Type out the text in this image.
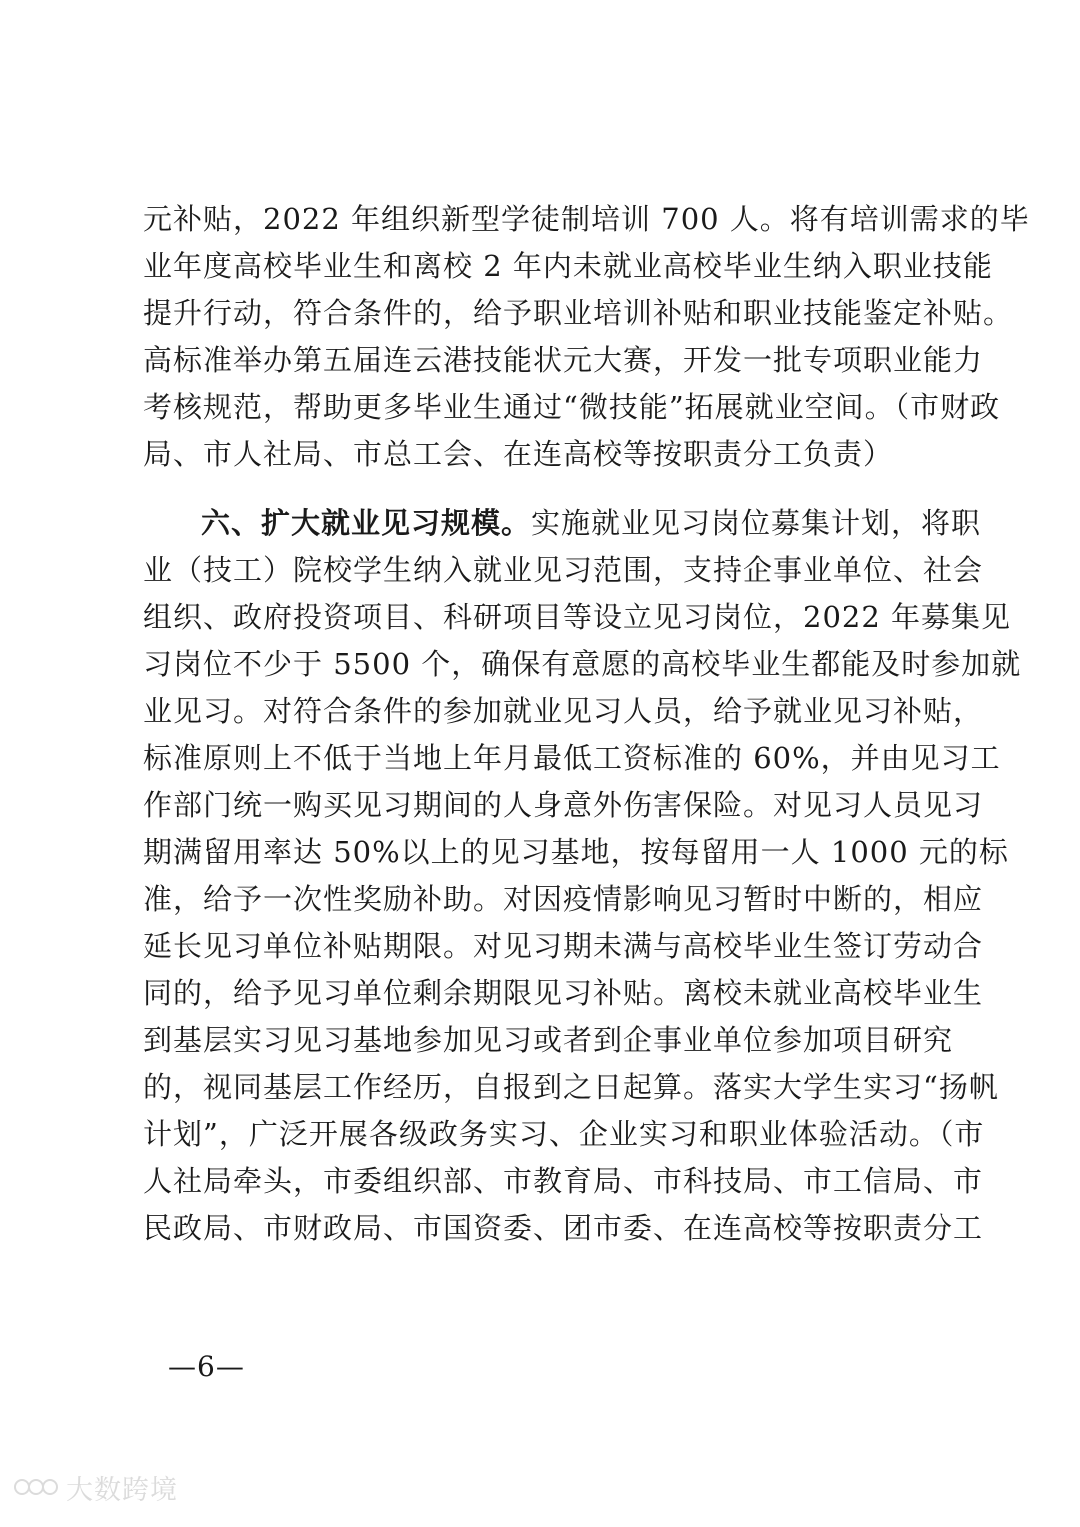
元补贴，2022 年组织新型学徒制培训 700 人。将有培训需求的毕
业年度高校毕业生和离校 2 年内未就业高校毕业生纳入职业技能
提升行动，符合条件的，给予职业培训补贴和职业技能鉴定补贴。
高标准举办第五届连云港技能状元大赛，开发一批专项职业能力
考核规范，帮助更多毕业生通过“微技能”拓展就业空间。（市财政
局、市人社局、市总工会、在连高校等按职责分工负责）
六、扩大就业见习规模。实施就业见习岗位募集计划，将职
业（技工）院校学生纳入就业见习范围，支持企事业单位、社会
组织、政府投资项目、科研项目等设立见习岗位，2022 年募集见
习岗位不少于 5500 个，确保有意愿的高校毕业生都能及时参加就
业见习。对符合条件的参加就业见习人员，给予就业见习补贴，
标准原则上不低于当地上年月最低工资标准的 60%，并由见习工
作部门统一购买见习期间的人身意外伤害保险。对见习人员见习
期满留用率达 50%以上的见习基地，按每留用一人 1000 元的标
准，给予一次性奖励补助。对因疫情影响见习暂时中断的，相应
延长见习单位补贴期限。对见习期未满与高校毕业生签订劳动合
同的，给予见习单位剩余期限见习补贴。离校未就业高校毕业生
到基层实习见习基地参加见习或者到企事业单位参加项目研究
的，视同基层工作经历，自报到之日起算。落实大学生实习“扬帆
计划”，广泛开展各级政务实习、企业实习和职业体验活动。（市
人社局牵头，市委组织部、市教育局、市科技局、市工信局、市
民政局、市财政局、市国资委、团市委、在连高校等按职责分工
—6—
大数跨境
